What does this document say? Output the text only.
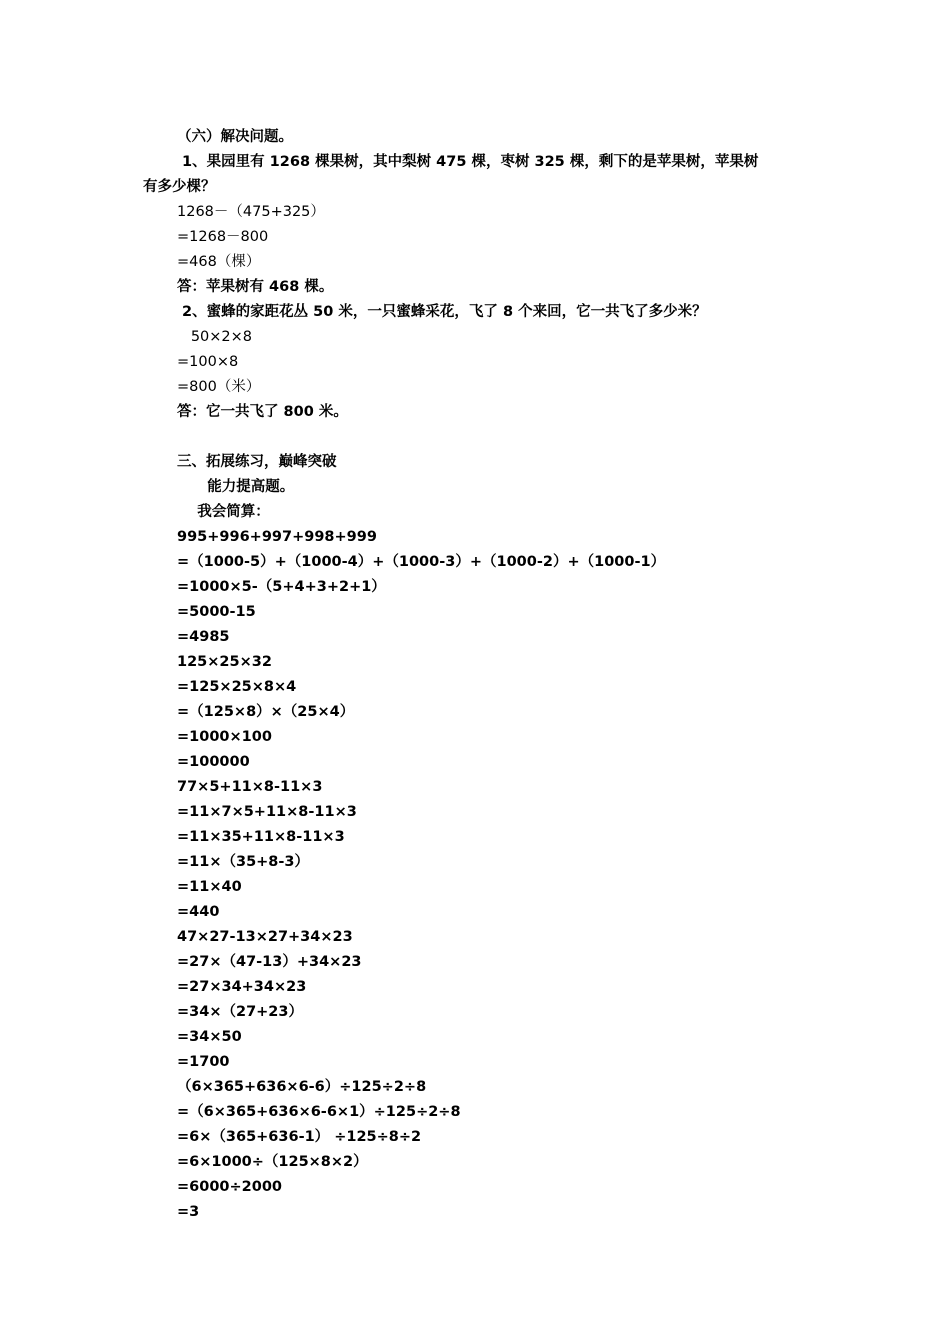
（六）解决问题。
1、果园里有 1268 棵果树，其中梨树 475 棵，枣树 325 棵，剩下的是苹果树，苹果树
有多少棵？
1268－（475+325）
=1268－800
=468（棵）
答：苹果树有 468 棵。
2、蜜蜂的家距花丛 50 米，一只蜜蜂采花，飞了 8 个来回，它一共飞了多少米？
50×2×8
=100×8
=800（米）
答：它一共飞了 800 米。
三、拓展练习，巅峰突破
能力提高题。
我会简算：
995+996+997+998+999
=（1000-5）+（1000-4）+（1000-3）+（1000-2）+（1000-1）
=1000×5-（5+4+3+2+1）
=5000-15
=4985
125×25×32
=125×25×8×4
=（125×8）×（25×4）
=1000×100
=100000
77×5+11×8-11×3
=11×7×5+11×8-11×3
=11×35+11×8-11×3
=11×（35+8-3）
=11×40
=440
47×27-13×27+34×23
=27×（47-13）+34×23
=27×34+34×23
=34×（27+23）
=34×50
=1700
（6×365+636×6-6）÷125÷2÷8
=（6×365+636×6-6×1）÷125÷2÷8
=6×（365+636-1） ÷125÷8÷2
=6×1000÷（125×8×2）
=6000÷2000
=3
